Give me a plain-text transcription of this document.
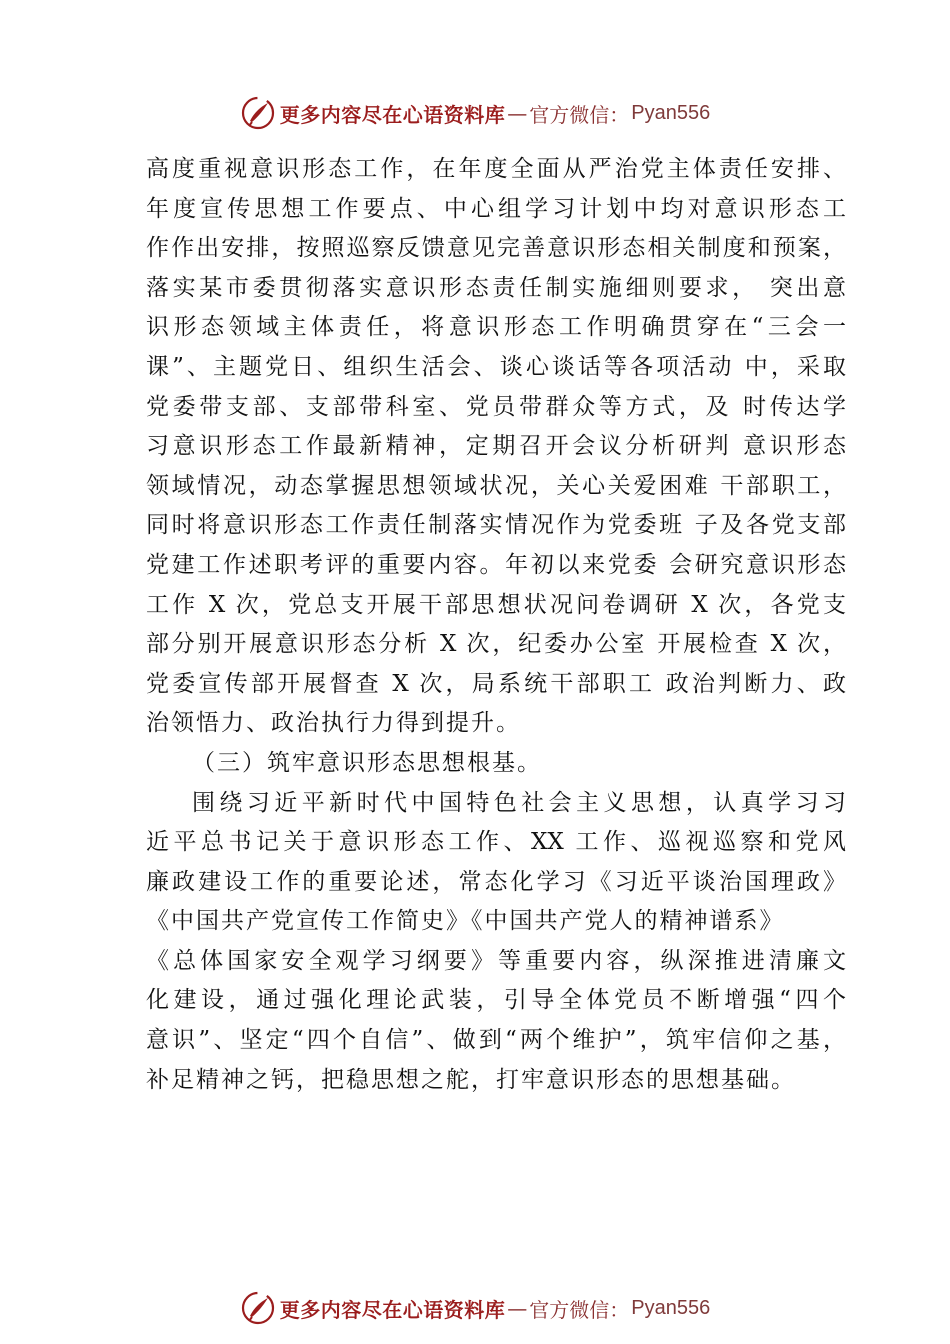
更多内容尽在心语资料库 — 官方微信： Pyan556
高度重视意识形态工作，在年度全面从严治党主体责任安排、
年度宣传思想工作要点、中心组学习计划中均对意识形态工
作作出安排，按照巡察反馈意见完善意识形态相关制度和预案，
落实某市委贯彻落实意识形态责任制实施细则要求， 突出意
识形态领域主体责任，将意识形态工作明确贯穿在“三会一
课”、主题党日、组织生活会、谈心谈话等各项活动 中，采取
党委带支部、支部带科室、党员带群众等方式，及 时传达学
习意识形态工作最新精神，定期召开会议分析研判 意识形态
领域情况，动态掌握思想领域状况，关心关爱困难 干部职工，
同时将意识形态工作责任制落实情况作为党委班 子及各党支部
党建工作述职考评的重要内容。年初以来党委 会研究意识形态
工作 X 次，党总支开展干部思想状况问卷调研 X 次，各党支
部分别开展意识形态分析 X 次，纪委办公室 开展检查 X 次，
党委宣传部开展督查 X 次，局系统干部职工 政治判断力、政
治领悟力、政治执行力得到提升。
（三）筑牢意识形态思想根基。
围绕习近平新时代中国特色社会主义思想，认真学习习
近平总书记关于意识形态工作、XX 工作、巡视巡察和党风
廉政建设工作的重要论述，常态化学习《习近平谈治国理政》
《中国共产党宣传工作简史》《中国共产党人的精神谱系》
《总体国家安全观学习纲要》等重要内容，纵深推进清廉文
化建设，通过强化理论武装，引导全体党员不断增强“四个
意识”、坚定“四个自信”、做到“两个维护”，筑牢信仰之基，
补足精神之钙，把稳思想之舵，打牢意识形态的思想基础。
更多内容尽在心语资料库 — 官方微信： Pyan556
